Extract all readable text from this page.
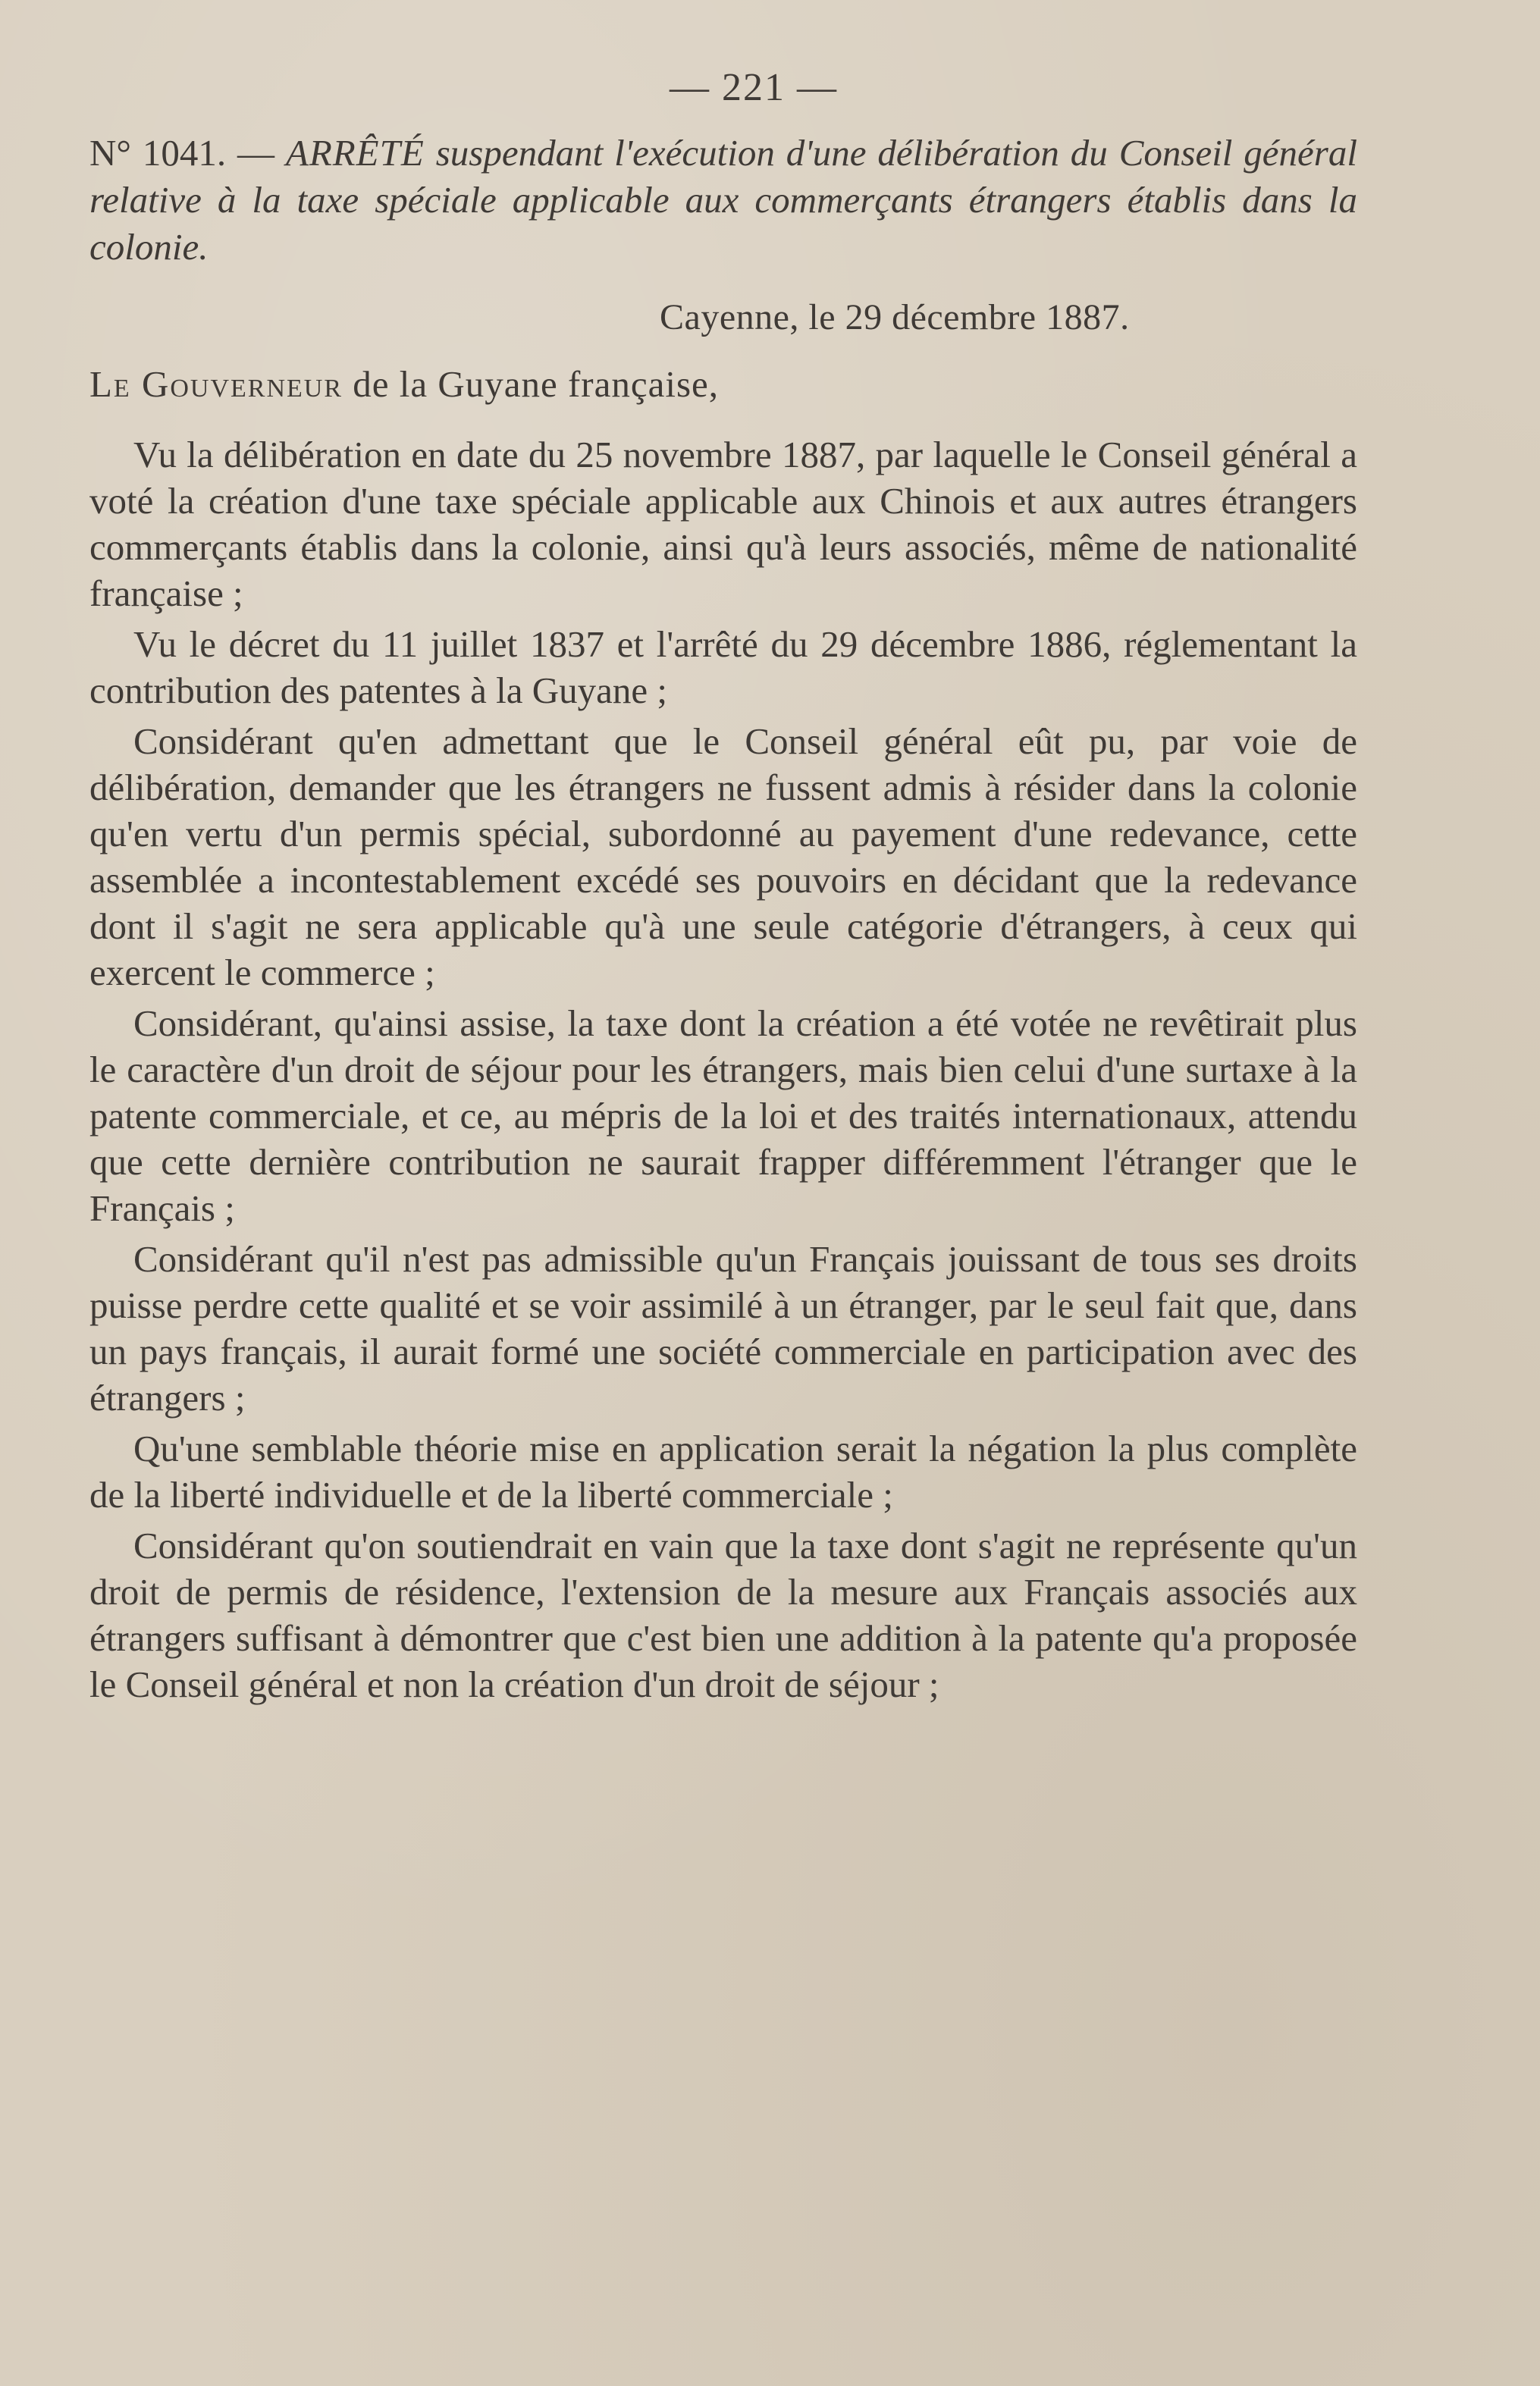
— 221 —
N° 1041. — ARRÊTÉ suspendant l'exécution d'une délibération du Conseil général relative à la taxe spéciale applicable aux commerçants étrangers établis dans la colonie.
Cayenne, le 29 décembre 1887.
Le Gouverneur de la Guyane française,

Vu la délibération en date du 25 novembre 1887, par laquelle le Conseil général a voté la création d'une taxe spéciale applicable aux Chinois et aux autres étrangers commerçants établis dans la colonie, ainsi qu'à leurs associés, même de nationalité française ;

Vu le décret du 11 juillet 1837 et l'arrêté du 29 décembre 1886, réglementant la contribution des patentes à la Guyane ;

Considérant qu'en admettant que le Conseil général eût pu, par voie de délibération, demander que les étrangers ne fussent admis à résider dans la colonie qu'en vertu d'un permis spécial, subordonné au payement d'une redevance, cette assemblée a incontestablement excédé ses pouvoirs en décidant que la redevance dont il s'agit ne sera applicable qu'à une seule catégorie d'étrangers, à ceux qui exercent le commerce ;

Considérant, qu'ainsi assise, la taxe dont la création a été votée ne revêtirait plus le caractère d'un droit de séjour pour les étrangers, mais bien celui d'une surtaxe à la patente commerciale, et ce, au mépris de la loi et des traités internationaux, attendu que cette dernière contribution ne saurait frapper différemment l'étranger que le Français ;

Considérant qu'il n'est pas admissible qu'un Français jouissant de tous ses droits puisse perdre cette qualité et se voir assimilé à un étranger, par le seul fait que, dans un pays français, il aurait formé une société commerciale en participation avec des étrangers ;

Qu'une semblable théorie mise en application serait la négation la plus complète de la liberté individuelle et de la liberté commerciale ;

Considérant qu'on soutiendrait en vain que la taxe dont s'agit ne représente qu'un droit de permis de résidence, l'extension de la mesure aux Français associés aux étrangers suffisant à démontrer que c'est bien une addition à la patente qu'a proposée le Conseil général et non la création d'un droit de séjour ;
